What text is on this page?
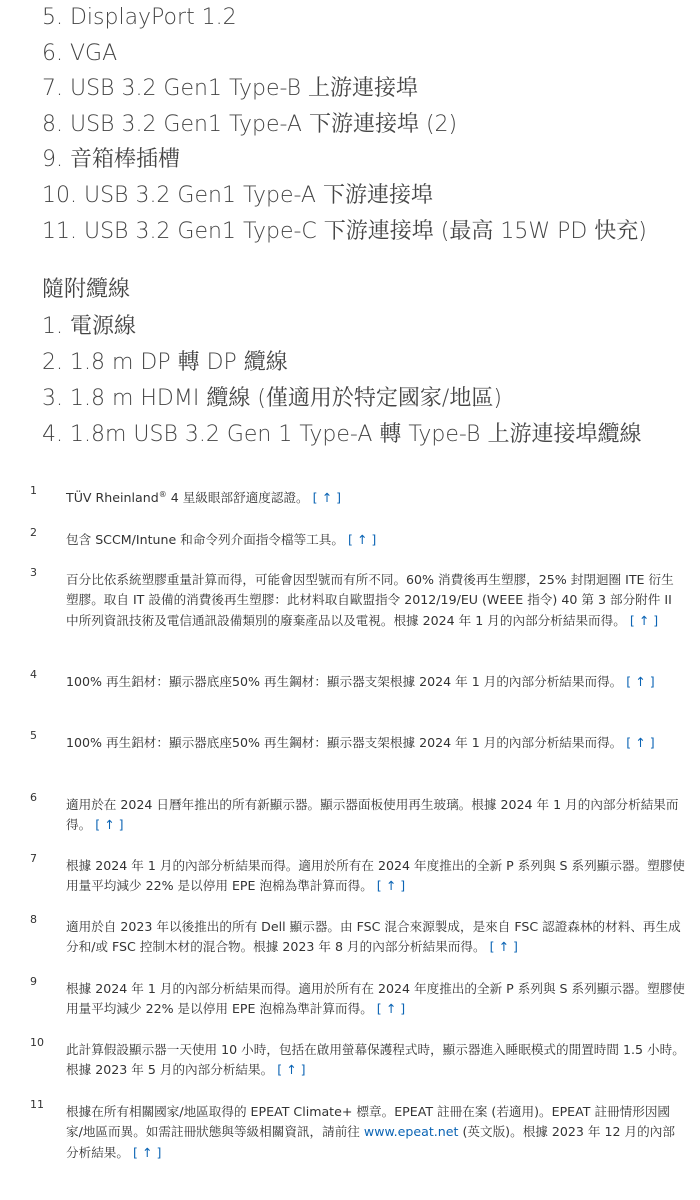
5. DisplayPort 1.2
6. VGA
7. USB 3.2 Gen1 Type-B 上游連接埠
8. USB 3.2 Gen1 Type-A 下游連接埠 (2)
9. 音箱棒插槽
10. USB 3.2 Gen1 Type-A 下游連接埠
11. USB 3.2 Gen1 Type-C 下游連接埠 (最高 15W PD 快充)
隨附纜線
1. 電源線
2. 1.8 m DP 轉 DP 纜線
3. 1.8 m HDMI 纜線 (僅適用於特定國家/地區)
4. 1.8m USB 3.2 Gen 1 Type-A 轉 Type-B 上游連接埠纜線
1 TÜV Rheinland® 4 星級眼部舒適度認證。 [ ↑ ]
2 包含 SCCM/Intune 和命令列介面指令檔等工具。 [ ↑ ]
3 百分比依系統塑膠重量計算而得，可能會因型號而有所不同。60% 消費後再生塑膠，25% 封閉迴圈 ITE 衍生塑膠。取自 IT 設備的消費後再生塑膠：此材料取自歐盟指令 2012/19/EU (WEEE 指令) 40 第 3 部分附件 II 中所列資訊技術及電信通訊設備類別的廢棄產品以及電視。根據 2024 年 1 月的內部分析結果而得。 [ ↑ ]
4 100% 再生鋁材：顯示器底座50% 再生鋼材：顯示器支架根據 2024 年 1 月的內部分析結果而得。 [ ↑ ]
5 100% 再生鋁材：顯示器底座50% 再生鋼材：顯示器支架根據 2024 年 1 月的內部分析結果而得。 [ ↑ ]
6 適用於在 2024 日曆年推出的所有新顯示器。顯示器面板使用再生玻璃。根據 2024 年 1 月的內部分析結果而得。 [ ↑ ]
7 根據 2024 年 1 月的內部分析結果而得。適用於所有在 2024 年度推出的全新 P 系列與 S 系列顯示器。塑膠使用量平均減少 22% 是以停用 EPE 泡棉為準計算而得。 [ ↑ ]
8 適用於自 2023 年以後推出的所有 Dell 顯示器。由 FSC 混合來源製成，是來自 FSC 認證森林的材料、再生成分和/或 FSC 控制木材的混合物。根據 2023 年 8 月的內部分析結果而得。 [ ↑ ]
9 根據 2024 年 1 月的內部分析結果而得。適用於所有在 2024 年度推出的全新 P 系列與 S 系列顯示器。塑膠使用量平均減少 22% 是以停用 EPE 泡棉為準計算而得。 [ ↑ ]
10 此計算假設顯示器一天使用 10 小時，包括在啟用螢幕保護程式時，顯示器進入睡眠模式的閒置時間 1.5 小時。根據 2023 年 5 月的內部分析結果。 [ ↑ ]
11 根據在所有相關國家/地區取得的 EPEAT Climate+ 標章。EPEAT 註冊在案 (若適用)。EPEAT 註冊情形因國家/地區而異。如需註冊狀態與等級相關資訊，請前往 www.epeat.net (英文版)。根據 2023 年 12 月的內部分析結果。 [ ↑ ]
